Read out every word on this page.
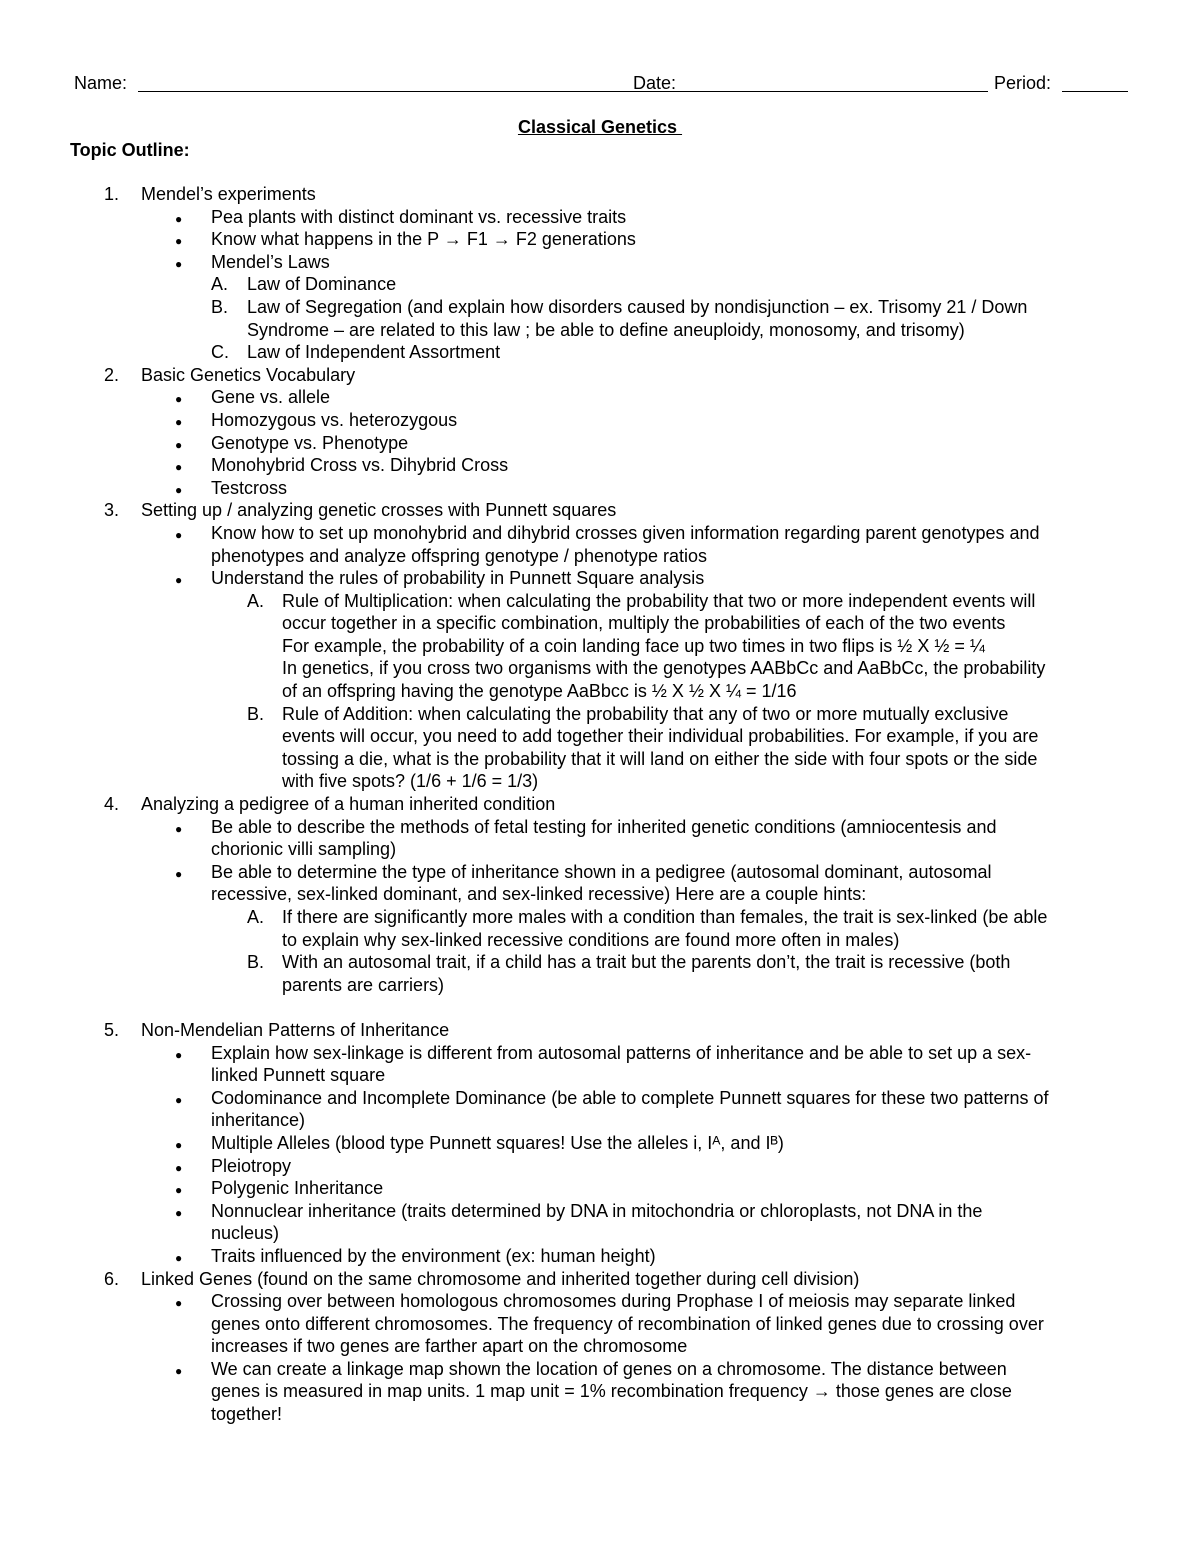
Name:	Date:	Period:
Classical Genetics
Topic Outline:
1. Mendel’s experiments
● Pea plants with distinct dominant vs. recessive traits
● Know what happens in the P → F1 → F2 generations
● Mendel’s Laws
A. Law of Dominance
B. Law of Segregation (and explain how disorders caused by nondisjunction – ex. Trisomy 21 / Down
Syndrome – are related to this law ; be able to define aneuploidy, monosomy, and trisomy)
C. Law of Independent Assortment
2. Basic Genetics Vocabulary
● Gene vs. allele
● Homozygous vs. heterozygous
● Genotype vs. Phenotype
● Monohybrid Cross vs. Dihybrid Cross
● Testcross
3. Setting up / analyzing genetic crosses with Punnett squares
● Know how to set up monohybrid and dihybrid crosses given information regarding parent genotypes and
phenotypes and analyze offspring genotype / phenotype ratios
● Understand the rules of probability in Punnett Square analysis
A. Rule of Multiplication: when calculating the probability that two or more independent events will
occur together in a specific combination, multiply the probabilities of each of the two events
For example, the probability of a coin landing face up two times in two flips is ½ X ½ = ¼
In genetics, if you cross two organisms with the genotypes AABbCc and AaBbCc, the probability
of an offspring having the genotype AaBbcc is ½ X ½ X ¼ = 1/16
B. Rule of Addition: when calculating the probability that any of two or more mutually exclusive
events will occur, you need to add together their individual probabilities. For example, if you are
tossing a die, what is the probability that it will land on either the side with four spots or the side
with five spots? (1/6 + 1/6 = 1/3)
4. Analyzing a pedigree of a human inherited condition
● Be able to describe the methods of fetal testing for inherited genetic conditions (amniocentesis and
chorionic villi sampling)
● Be able to determine the type of inheritance shown in a pedigree (autosomal dominant, autosomal
recessive, sex-linked dominant, and sex-linked recessive) Here are a couple hints:
A. If there are significantly more males with a condition than females, the trait is sex-linked (be able
to explain why sex-linked recessive conditions are found more often in males)
B. With an autosomal trait, if a child has a trait but the parents don’t, the trait is recessive (both
parents are carriers)
5. Non-Mendelian Patterns of Inheritance
● Explain how sex-linkage is different from autosomal patterns of inheritance and be able to set up a sex-
linked Punnett square
● Codominance and Incomplete Dominance (be able to complete Punnett squares for these two patterns of
inheritance)
● Multiple Alleles (blood type Punnett squares! Use the alleles i, Iᴬ, and Iᴮ)
● Pleiotropy
● Polygenic Inheritance
● Nonnuclear inheritance (traits determined by DNA in mitochondria or chloroplasts, not DNA in the
nucleus)
● Traits influenced by the environment (ex: human height)
6. Linked Genes (found on the same chromosome and inherited together during cell division)
● Crossing over between homologous chromosomes during Prophase I of meiosis may separate linked
genes onto different chromosomes. The frequency of recombination of linked genes due to crossing over
increases if two genes are farther apart on the chromosome
● We can create a linkage map shown the location of genes on a chromosome. The distance between
genes is measured in map units. 1 map unit = 1% recombination frequency → those genes are close
together!
